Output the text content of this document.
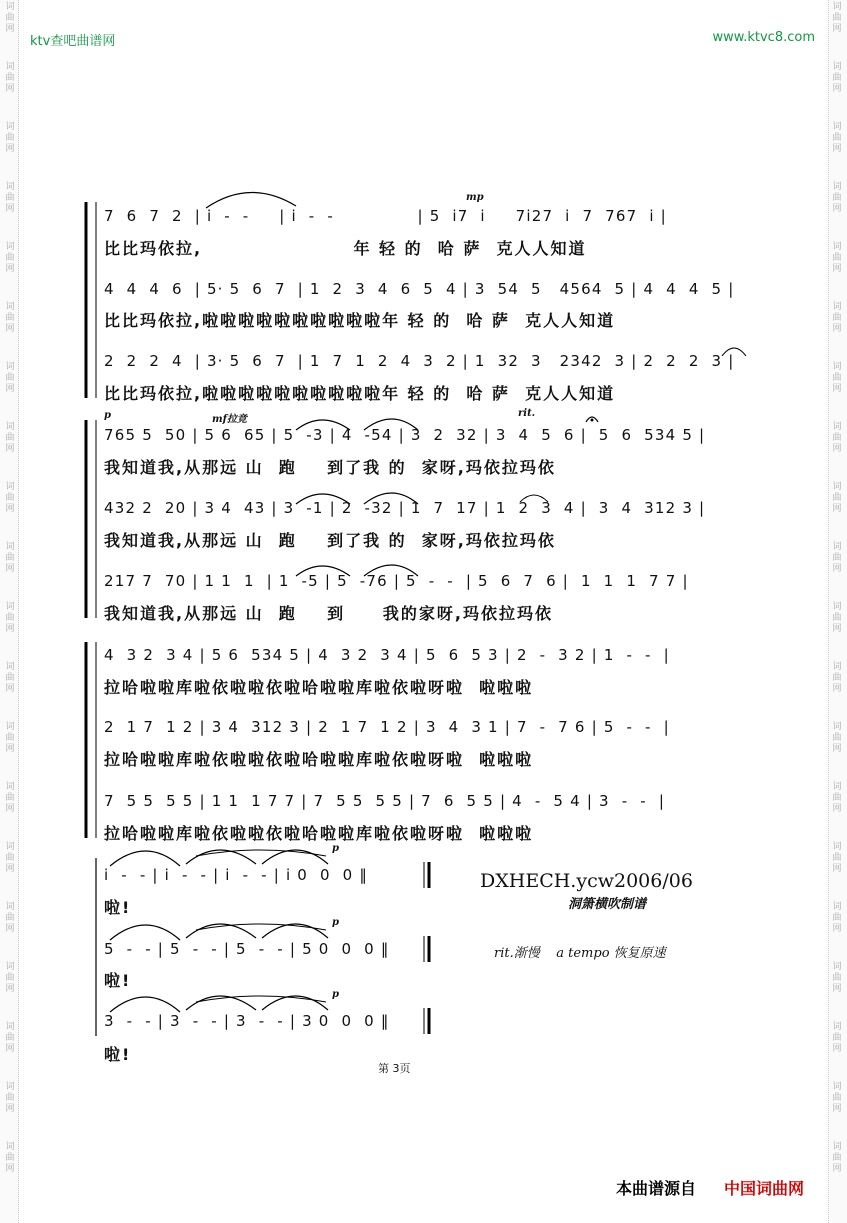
词
曲
网
词
曲
网
词
曲
网
词
曲
网
词
曲
网
词
曲
网
词
曲
网
词
曲
网
词
曲
网
词
曲
网
词
曲
网
词
曲
网
词
曲
网
词
曲
网
词
曲
网
词
曲
网
词
曲
网
词
曲
网
词
曲
网
词
曲
网
词
曲
网
词
曲
网
词
曲
网
词
曲
网
词
曲
网
词
曲
网
词
曲
网
词
曲
网
词
曲
网
词
曲
网
词
曲
网
词
曲
网
词
曲
网
词
曲
网
词
曲
网
词
曲
网
词
曲
网
词
曲
网
词
曲
网
词
曲
网
ktv查吧曲谱网	www.ktvc8.com
7  6  7  2  | i  -  -     | i  -  -              | 5  i7  i     7i27  i  7  767  i |
比比玛依拉,                    年 轻 的  哈 萨  克人人知道
4  4  4  6  | 5· 5  6  7  | 1  2  3  4  6  5  4 | 3  54  5   4564  5 | 4  4  4  5 |
比比玛依拉,啦啦啦啦啦啦啦啦啦啦年 轻 的  哈 萨  克人人知道
2  2  2  4  | 3· 5  6  7  | 1  7  1  2  4  3  2 | 1  32  3   2342  3 | 2  2  2  3 |
比比玛依拉,啦啦啦啦啦啦啦啦啦啦年 轻 的  哈 萨  克人人知道
765 5  50 | 5 6  65 | 5  -3 | 4  -54 | 3  2  32 | 3  4  5  6 |  5  6  534 5 |
我知道我,从那远 山  跑    到了我 的  家呀,玛依拉玛依
432 2  20 | 3 4  43 | 3  -1 | 2  -32 | 1  7  17 | 1  2  3  4 |  3  4  312 3 |
我知道我,从那远 山  跑    到了我 的  家呀,玛依拉玛依
217 7  70 | 1 1  1  | 1  -5 | 5  -76 | 5  -  -  | 5  6  7  6 |  1  1  1  7 7 |
我知道我,从那远 山  跑    到     我的家呀,玛依拉玛依
4  3 2  3 4 | 5 6  534 5 | 4  3 2  3 4 | 5  6  5 3 | 2  -  3 2 | 1  -  -  |
拉哈啦啦库啦依啦啦依啦哈啦啦库啦依啦呀啦  啦啦啦
2  1 7  1 2 | 3 4  312 3 | 2  1 7  1 2 | 3  4  3 1 | 7  -  7 6 | 5  -  -  |
拉哈啦啦库啦依啦啦依啦哈啦啦库啦依啦呀啦  啦啦啦
7  5 5  5 5 | 1 1  1 7 7 | 7  5 5  5 5 | 7  6  5 5 | 4  -  5 4 | 3  -  -  |
拉哈啦啦库啦依啦啦依啦哈啦啦库啦依啦呀啦  啦啦啦
i  -  - | i  -  - | i  -  - | i 0  0  0 ‖
啦!
5  -  - | 5  -  - | 5  -  - | 5 0  0  0 ‖
啦!
3  -  - | 3  -  - | 3  -  - | 3 0  0  0 ‖
啦!
mp
p	mf拉竞
rit.
p
p
p
DXHECH.ycw2006/06
洞箫横吹制谱
rit.渐慢    a tempo 恢复原速
第 3页
本曲谱源自 中国词曲网
